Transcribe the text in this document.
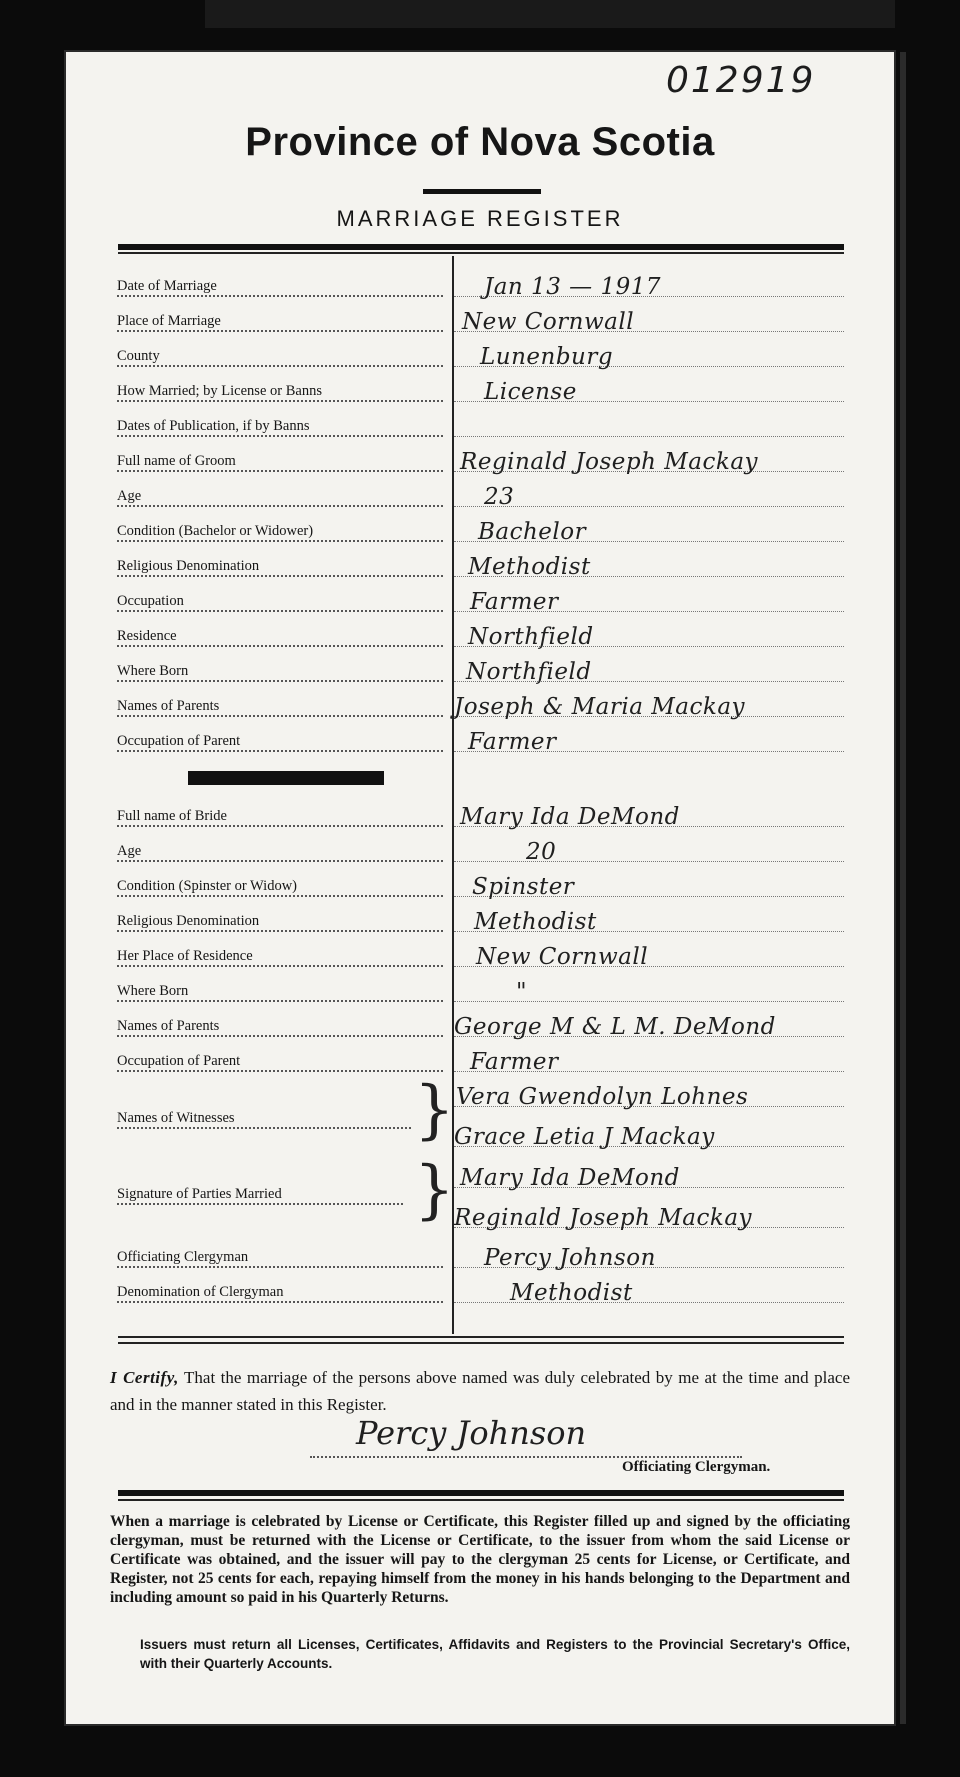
012919
Province of Nova Scotia
MARRIAGE REGISTER
Date of Marriage
Place of Marriage
County
How Married; by License or Banns
Dates of Publication, if by Banns
Full name of Groom
Age
Condition (Bachelor or Widower)
Religious Denomination
Occupation
Residence
Where Born
Names of Parents
Occupation of Parent
Full name of Bride
Age
Condition (Spinster or Widow)
Religious Denomination
Her Place of Residence
Where Born
Names of Parents
Occupation of Parent
Names of Witnesses
Signature of Parties Married
Officiating Clergyman
Denomination of Clergyman
}
}
Jan 13 — 1917
New Cornwall
Lunenburg
License
Reginald Joseph Mackay
23
Bachelor
Methodist
Farmer
Northfield
Northfield
Joseph & Maria Mackay
Farmer
Mary Ida DeMond
20
Spinster
Methodist
New Cornwall
"
George M & L M. DeMond
Farmer
Vera Gwendolyn Lohnes
Grace Letia J Mackay
Mary Ida DeMond
Reginald Joseph Mackay
Percy Johnson
Methodist
I Certify, That the marriage of the persons above named was duly celebrated by me at the time and place and in the manner stated in this Register.
Percy Johnson
Officiating Clergyman.
When a marriage is celebrated by License or Certificate, this Register filled up and signed by the officiating clergyman, must be returned with the License or Certificate, to the issuer from whom the said License or Certificate was obtained, and the issuer will pay to the clergyman 25 cents for License, or Certificate, and Register, not 25 cents for each, repaying himself from the money in his hands belonging to the Department and including amount so paid in his Quarterly Returns.
Issuers must return all Licenses, Certificates, Affidavits and Registers to the Provincial Secretary's Office, with their Quarterly Accounts.
